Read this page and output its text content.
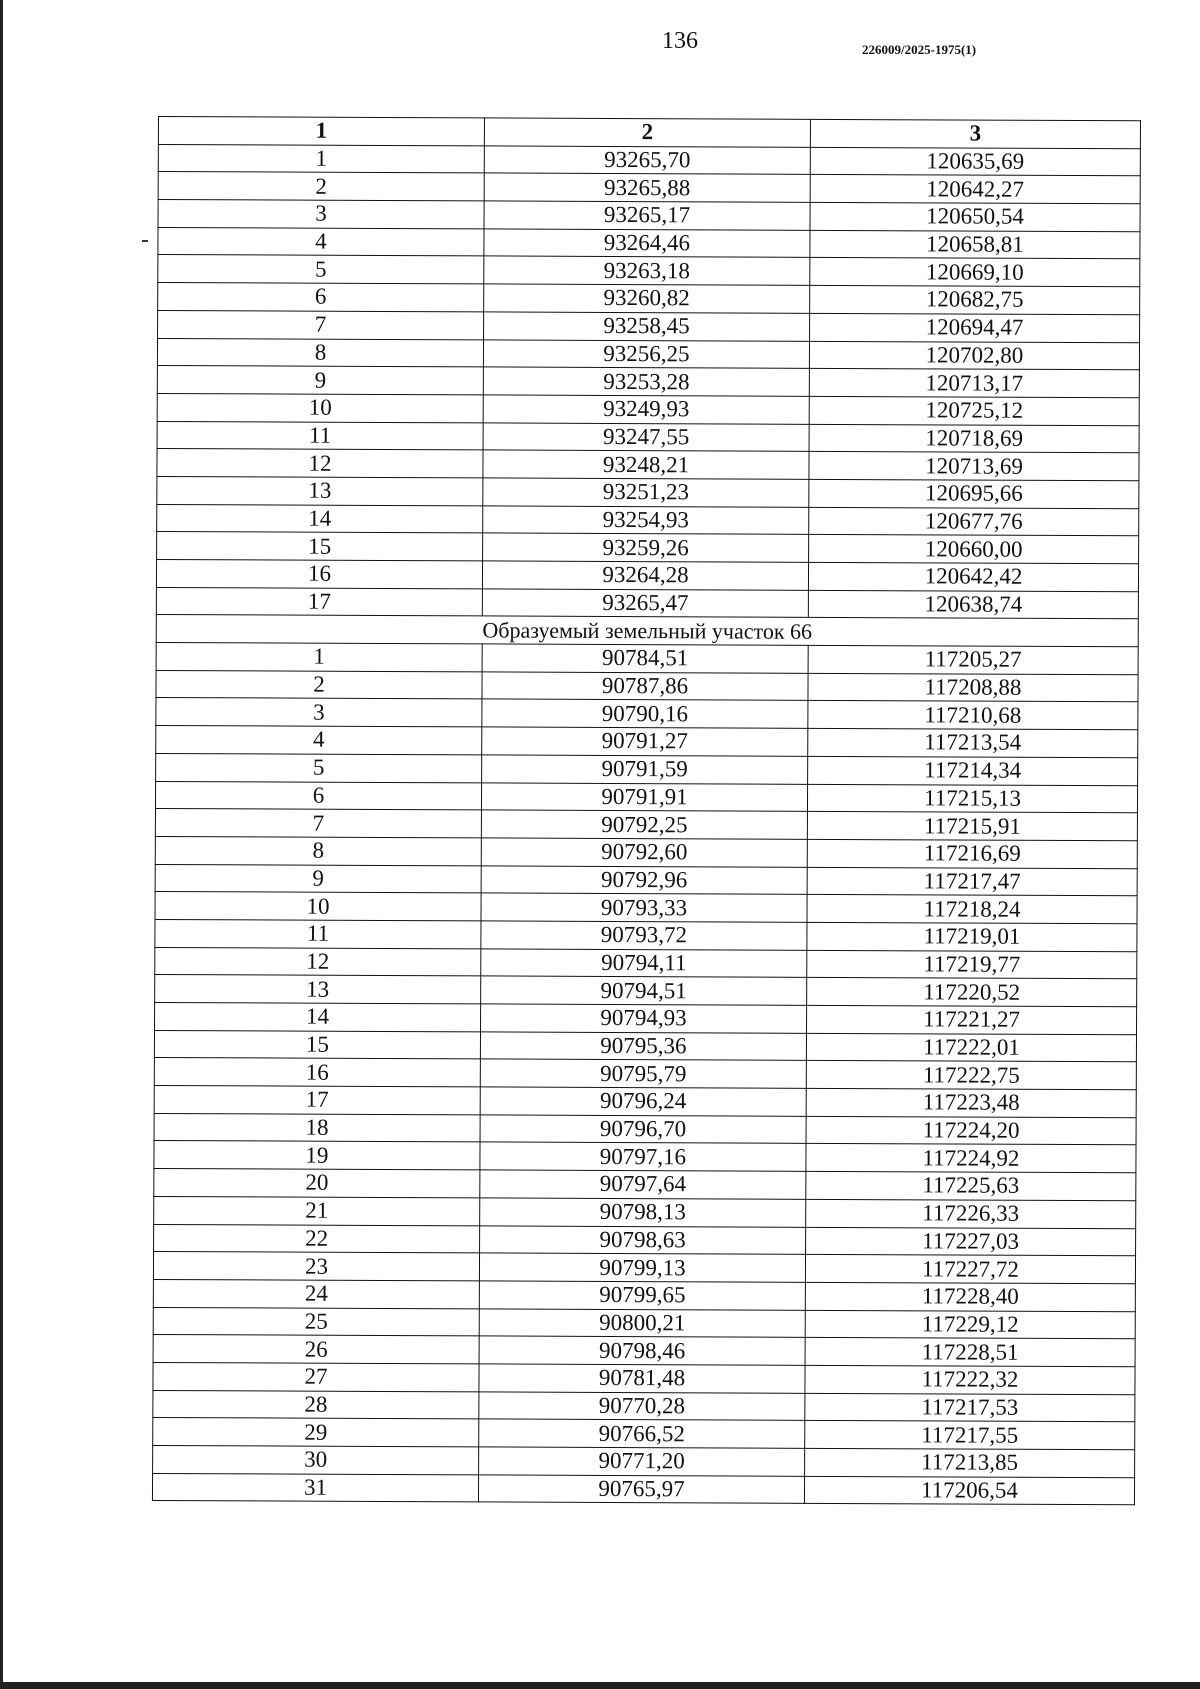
136	226009/2025-1975(1)
1	2	3
1	93265,70	120635,69
2	93265,88	120642,27
3	93265,17	120650,54
4	93264,46	120658,81
5	93263,18	120669,10
6	93260,82	120682,75
7	93258,45	120694,47
8	93256,25	120702,80
9	93253,28	120713,17
10	93249,93	120725,12
11	93247,55	120718,69
12	93248,21	120713,69
13	93251,23	120695,66
14	93254,93	120677,76
15	93259,26	120660,00
16	93264,28	120642,42
17	93265,47	120638,74
Образуемый земельный участок 66		
1	90784,51	117205,27
2	90787,86	117208,88
3	90790,16	117210,68
4	90791,27	117213,54
5	90791,59	117214,34
6	90791,91	117215,13
7	90792,25	117215,91
8	90792,60	117216,69
9	90792,96	117217,47
10	90793,33	117218,24
11	90793,72	117219,01
12	90794,11	117219,77
13	90794,51	117220,52
14	90794,93	117221,27
15	90795,36	117222,01
16	90795,79	117222,75
17	90796,24	117223,48
18	90796,70	117224,20
19	90797,16	117224,92
20	90797,64	117225,63
21	90798,13	117226,33
22	90798,63	117227,03
23	90799,13	117227,72
24	90799,65	117228,40
25	90800,21	117229,12
26	90798,46	117228,51
27	90781,48	117222,32
28	90770,28	117217,53
29	90766,52	117217,55
30	90771,20	117213,85
31	90765,97	117206,54
